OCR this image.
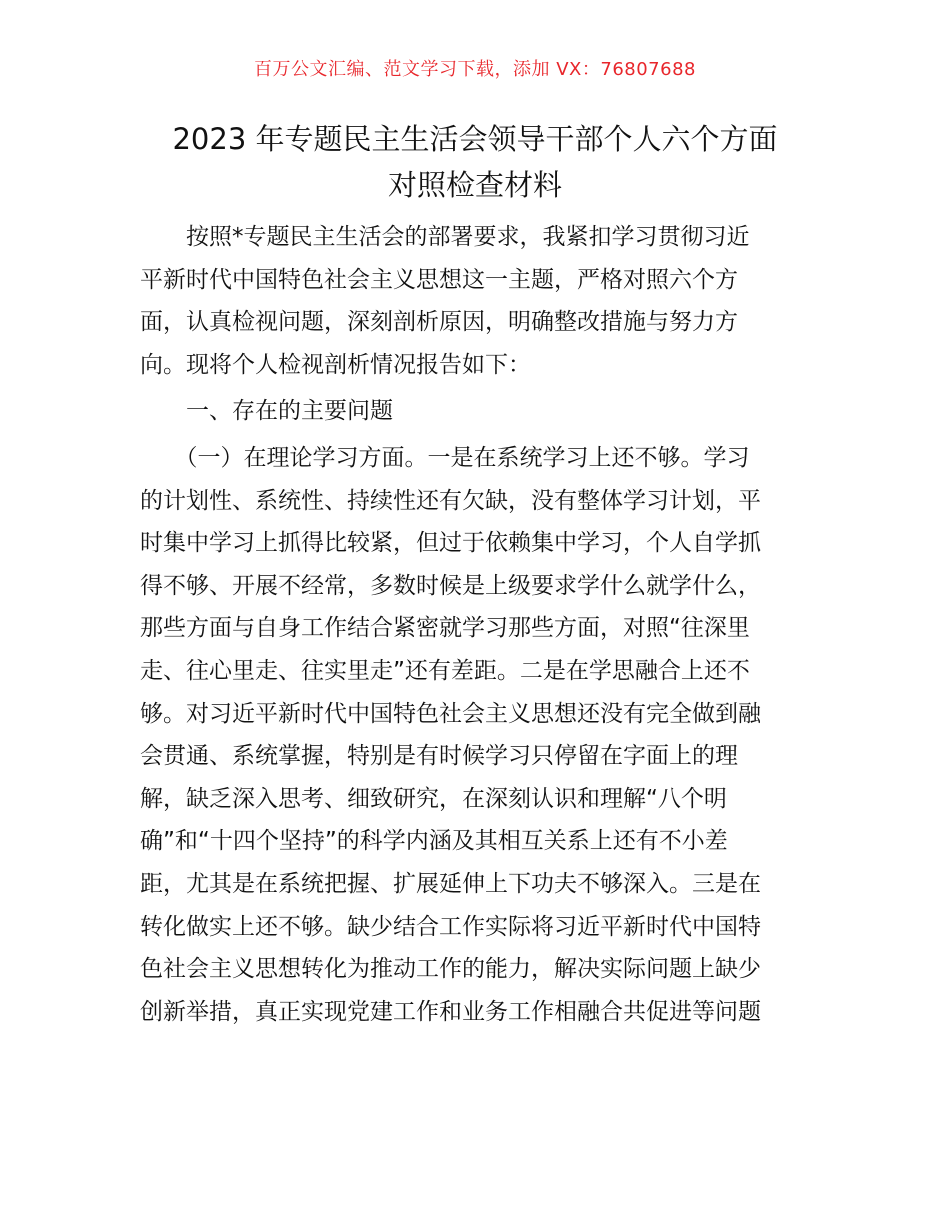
百万公文汇编、范文学习下载，添加 VX：76807688
2023 年专题民主生活会领导干部个人六个方面
对照检查材料

　　按照*专题民主生活会的部署要求，我紧扣学习贯彻习近
平新时代中国特色社会主义思想这一主题，严格对照六个方
面，认真检视问题，深刻剖析原因，明确整改措施与努力方
向。现将个人检视剖析情况报告如下：

　　一、存在的主要问题

　　（一）在理论学习方面。一是在系统学习上还不够。学习
的计划性、系统性、持续性还有欠缺，没有整体学习计划，平
时集中学习上抓得比较紧，但过于依赖集中学习，个人自学抓
得不够、开展不经常，多数时候是上级要求学什么就学什么，
那些方面与自身工作结合紧密就学习那些方面，对照“往深里
走、往心里走、往实里走”还有差距。二是在学思融合上还不
够。对习近平新时代中国特色社会主义思想还没有完全做到融
会贯通、系统掌握，特别是有时候学习只停留在字面上的理
解，缺乏深入思考、细致研究，在深刻认识和理解“八个明
确”和“十四个坚持”的科学内涵及其相互关系上还有不小差
距，尤其是在系统把握、扩展延伸上下功夫不够深入。三是在
转化做实上还不够。缺少结合工作实际将习近平新时代中国特
色社会主义思想转化为推动工作的能力，解决实际问题上缺少
创新举措，真正实现党建工作和业务工作相融合共促进等问题
